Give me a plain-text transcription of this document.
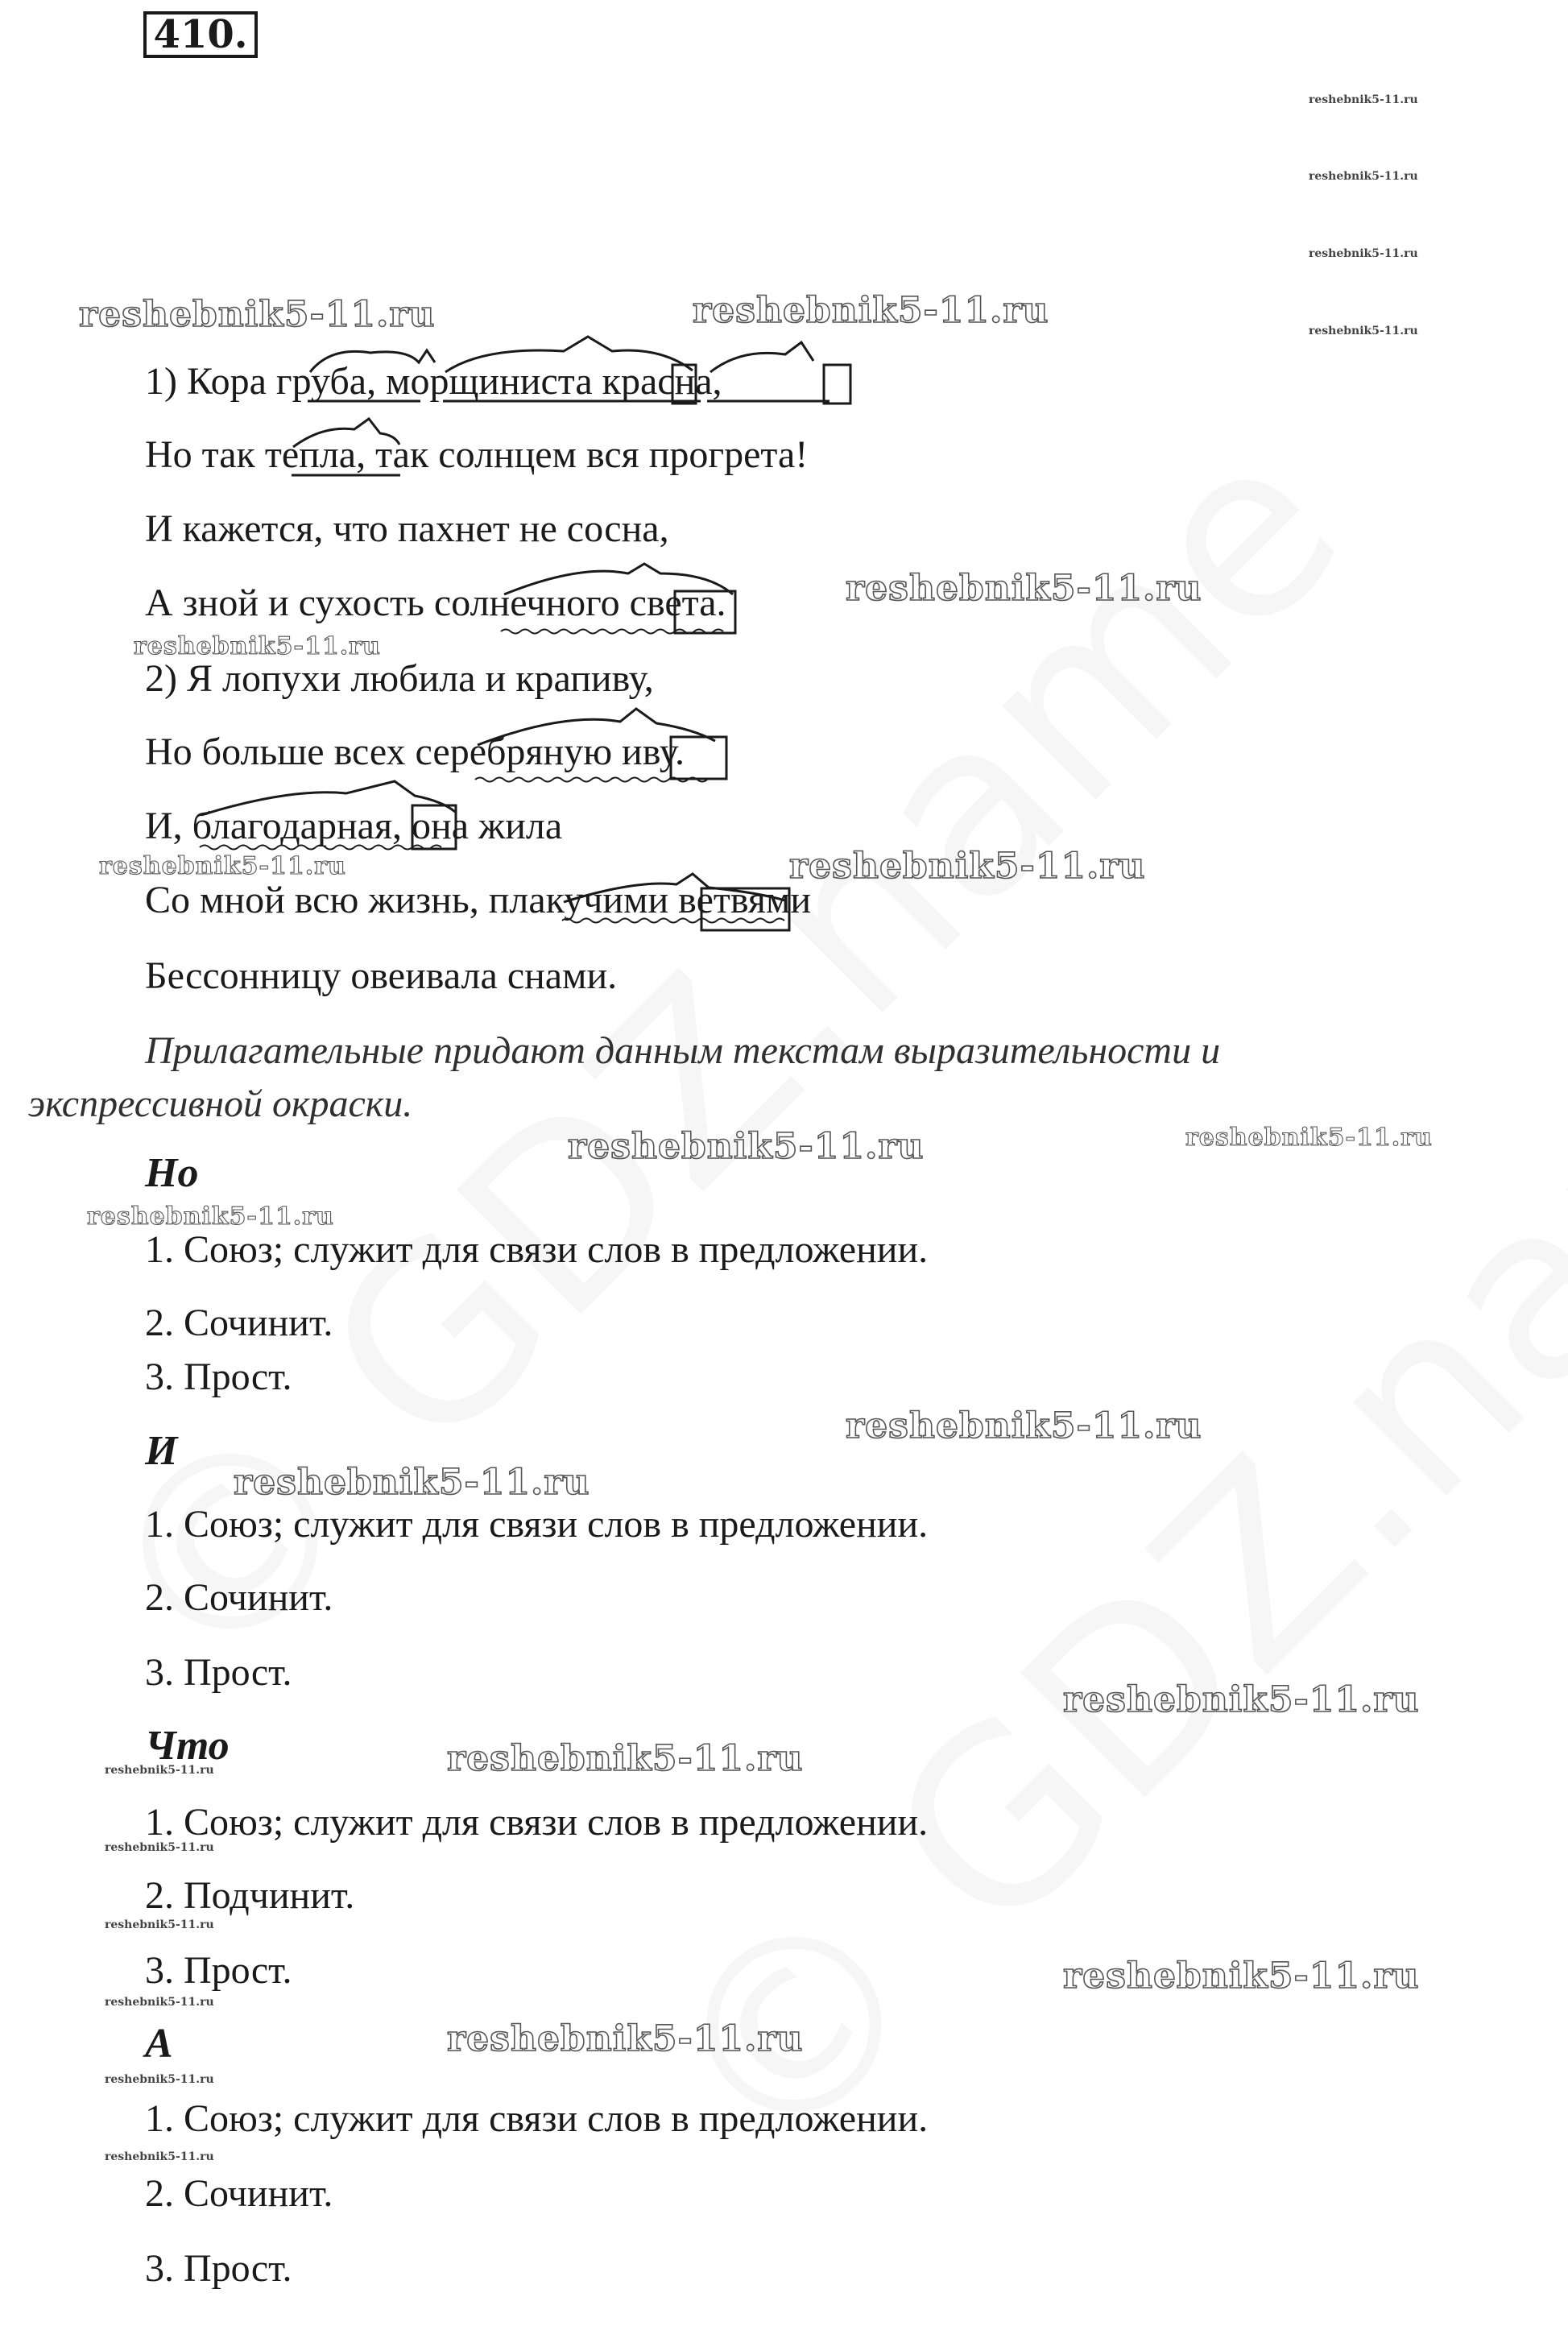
410.
1) Кора груба, морщиниста красна,
Но так тепла, так солнцем вся прогрета!
И кажется, что пахнет не сосна,
А зной и сухость солнечного света.
2) Я лопухи любила и крапиву,
Но больше всех серебряную иву.
И, благодарная, она жила
Со мной всю жизнь, плакучими ветвями
Бессонницу овеивала снами.
Прилагательные придают данным текстам выразительности и
экспрессивной окраски.
Но
1. Союз; служит для связи слов в предложении.
2. Сочинит.
3. Прост.
И
1. Союз; служит для связи слов в предложении.
2. Сочинит.
3. Прост.
Что
1. Союз; служит для связи слов в предложении.
2. Подчинит.
3. Прост.
А
1. Союз; служит для связи слов в предложении.
2. Сочинит.
3. Прост.
reshebnik5-11.ru
reshebnik5-11.ru
reshebnik5-11.ru
reshebnik5-11.ru
reshebnik5-11.ru	reshebnik5-11.ru
reshebnik5-11.ru
reshebnik5-11.ru
reshebnik5-11.ru	reshebnik5-11.ru
reshebnik5-11.ru	reshebnik5-11.ru
reshebnik5-11.ru
reshebnik5-11.ru
reshebnik5-11.ru
reshebnik5-11.ru
reshebnik5-11.ru
reshebnik5-11.ru
reshebnik5-11.ru
reshebnik5-11.ru
reshebnik5-11.ru
reshebnik5-11.ru
reshebnik5-11.ru
reshebnik5-11.ru
reshebnik5-11.ru
